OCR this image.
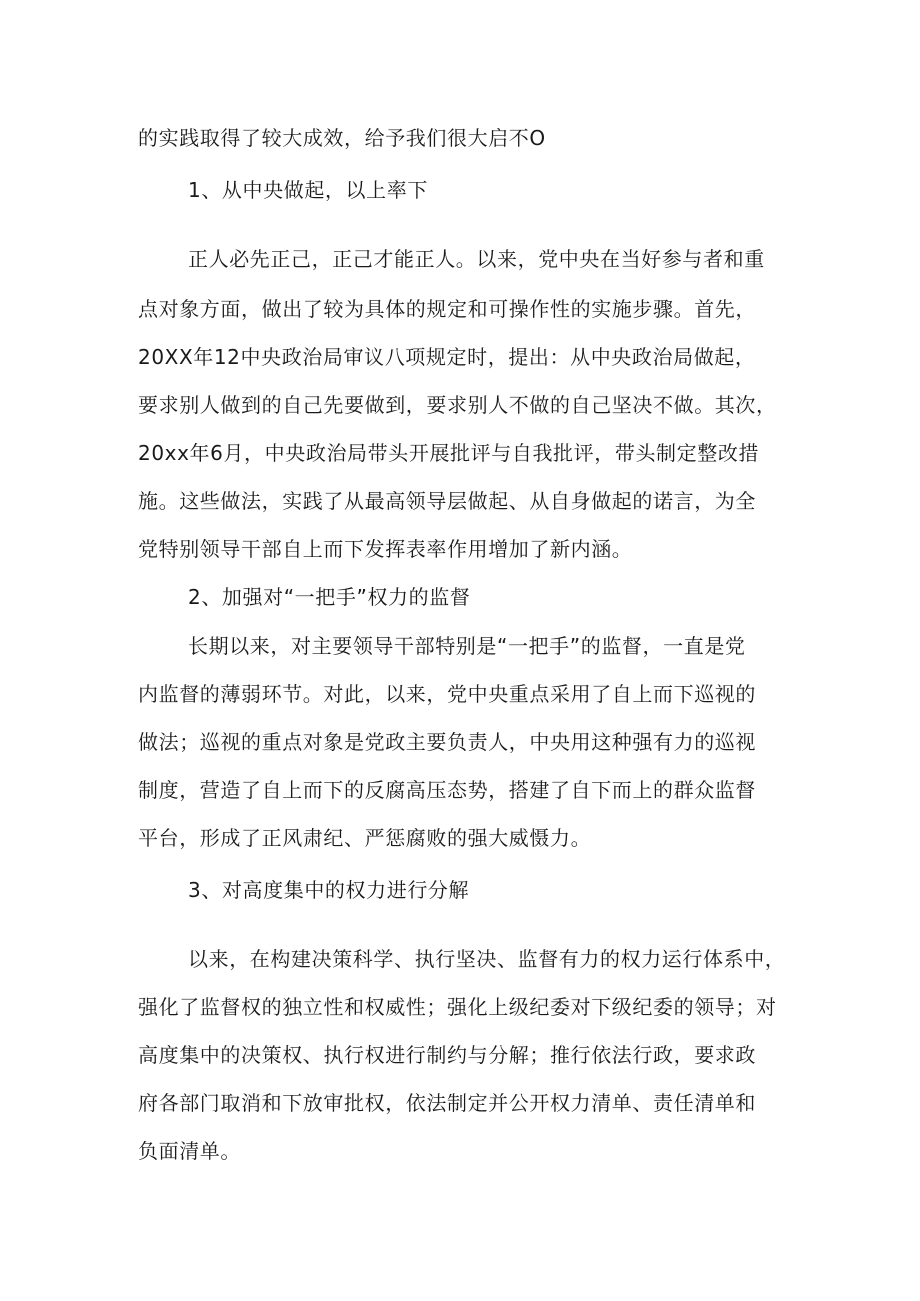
的实践取得了较大成效，给予我们很大启不O
1、从中央做起，以上率下
正人必先正己，正己才能正人。以来，党中央在当好参与者和重
点对象方面，做出了较为具体的规定和可操作性的实施步骤。首先，
20XX年12中央政治局审议八项规定时，提出：从中央政治局做起，
要求别人做到的自己先要做到，要求别人不做的自己坚决不做。其次，
20xx年6月，中央政治局带头开展批评与自我批评，带头制定整改措
施。这些做法，实践了从最高领导层做起、从自身做起的诺言，为全
党特别领导干部自上而下发挥表率作用增加了新内涵。
2、加强对“一把手”权力的监督
长期以来，对主要领导干部特别是“一把手”的监督，一直是党
内监督的薄弱环节。对此，以来，党中央重点采用了自上而下巡视的
做法；巡视的重点对象是党政主要负责人，中央用这种强有力的巡视
制度，营造了自上而下的反腐高压态势，搭建了自下而上的群众监督
平台，形成了正风肃纪、严惩腐败的强大威慑力。
3、对高度集中的权力进行分解
以来，在构建决策科学、执行坚决、监督有力的权力运行体系中，
强化了监督权的独立性和权威性；强化上级纪委对下级纪委的领导；对
高度集中的决策权、执行权进行制约与分解；推行依法行政，要求政
府各部门取消和下放审批权，依法制定并公开权力清单、责任清单和
负面清单。
